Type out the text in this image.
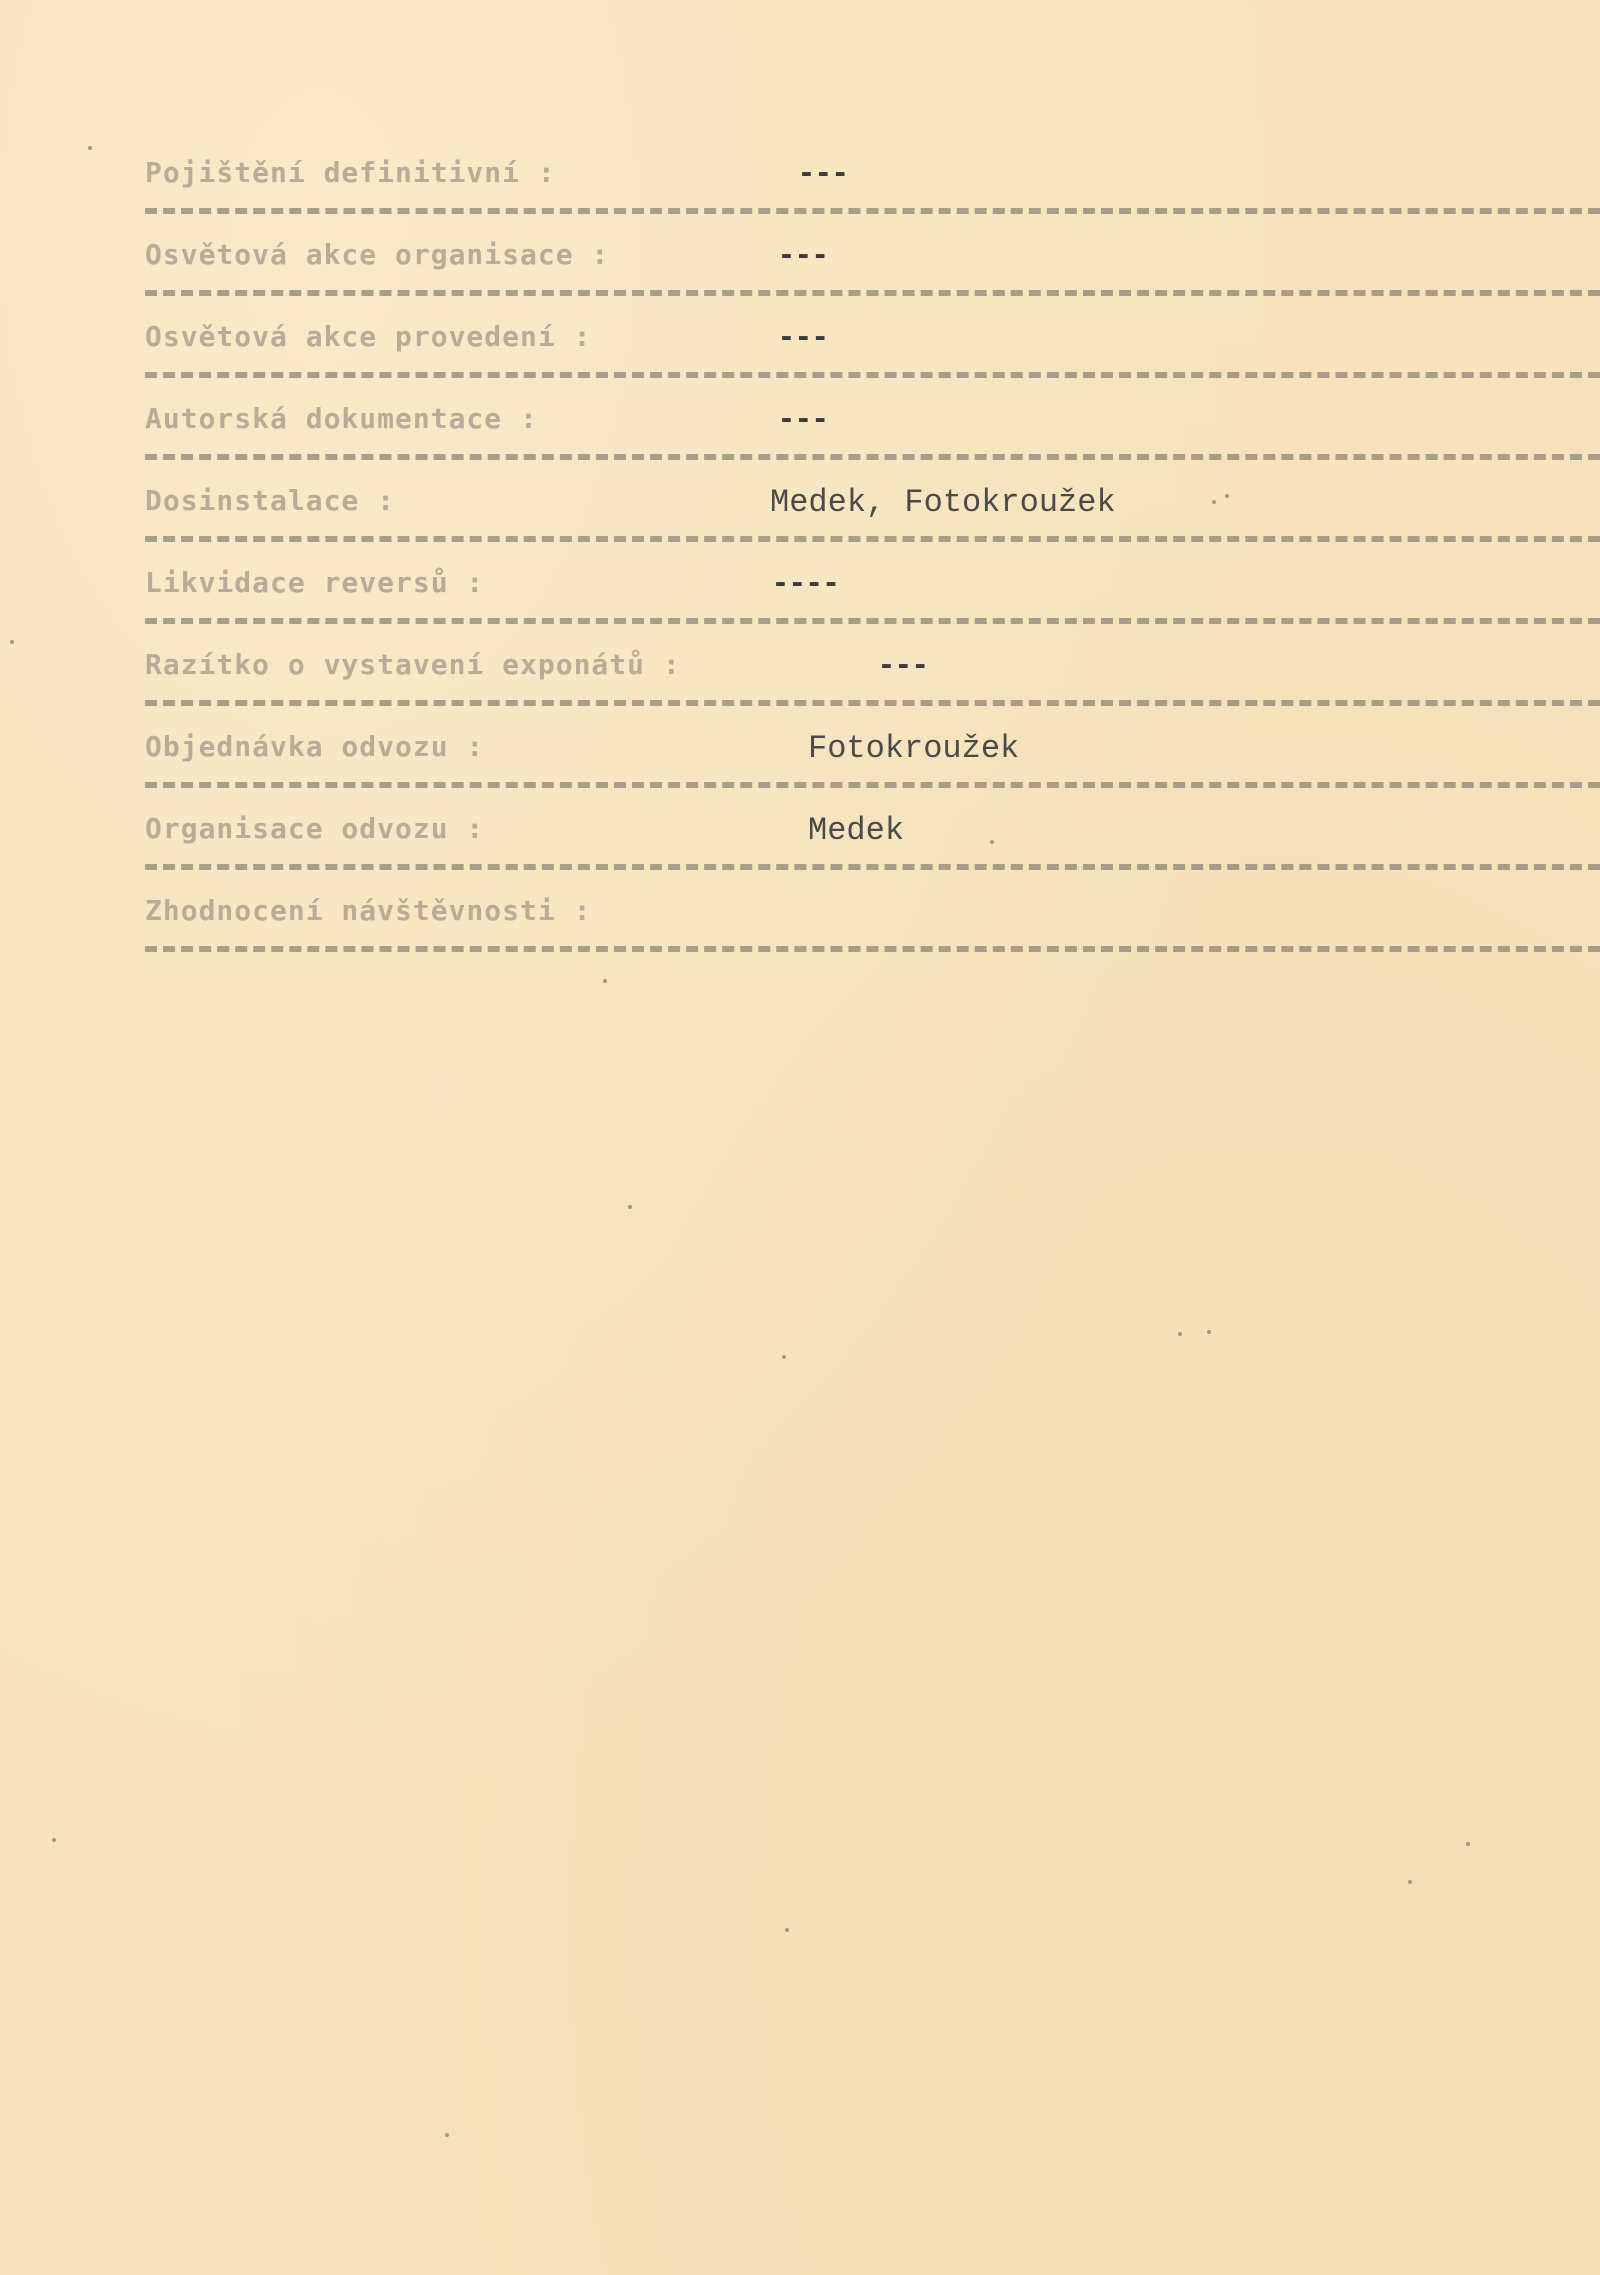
Pojištění definitivní :	---
Osvětová akce organisace :	---
Osvětová akce provedení :	---
Autorská dokumentace :	---
Dosinstalace :	Medek, Fotokroužek
Likvidace reversů :	----
Razítko o vystavení exponátů :	---
Objednávka odvozu :	Fotokroužek
Organisace odvozu :	Medek
Zhodnocení návštěvnosti :
